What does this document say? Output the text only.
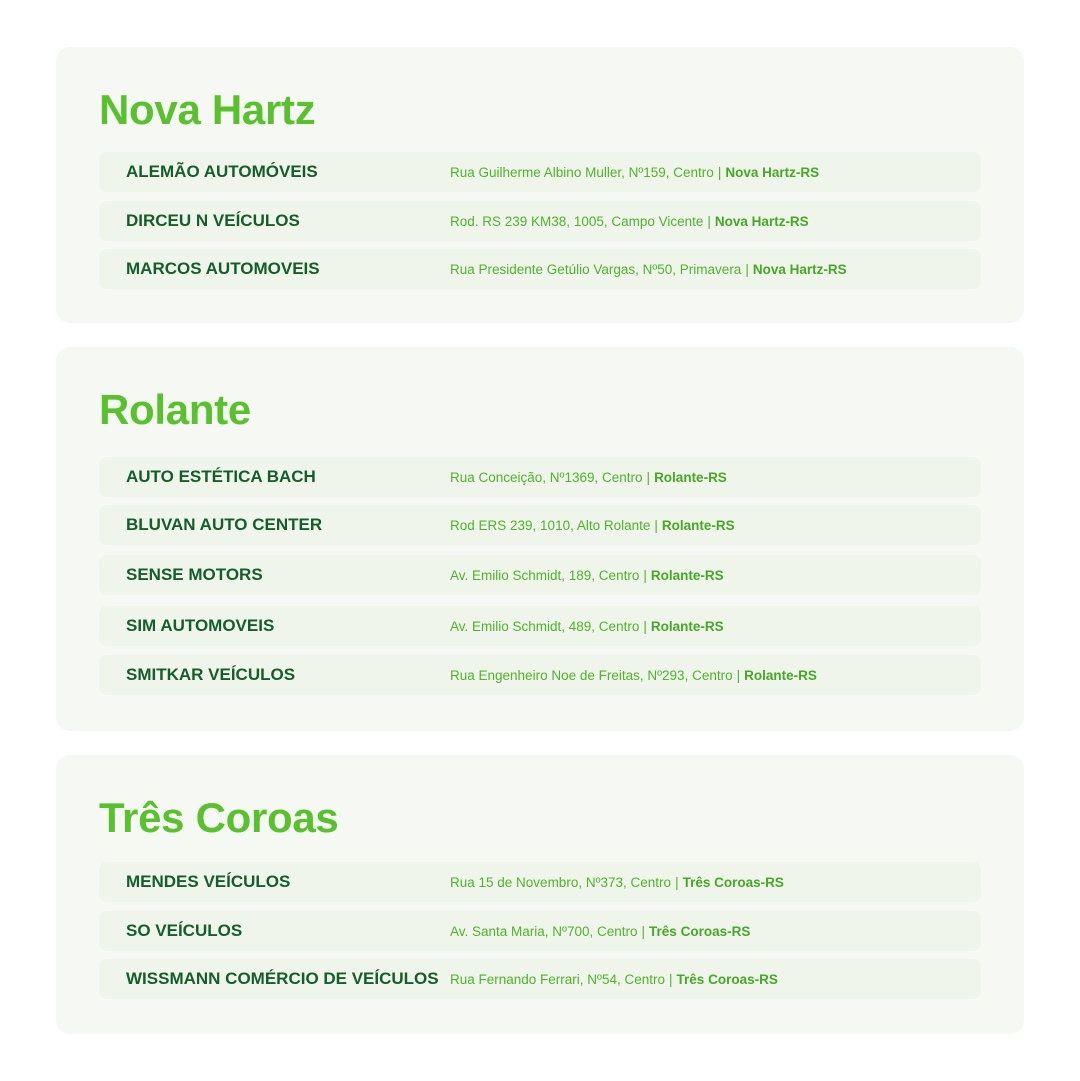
Nova Hartz
ALEMÃO AUTOMÓVEIS	Rua Guilherme Albino Muller, Nº159, Centro | Nova Hartz-RS
DIRCEU N VEÍCULOS	Rod. RS 239 KM38, 1005, Campo Vicente | Nova Hartz-RS
MARCOS AUTOMOVEIS	Rua Presidente Getúlio Vargas, Nº50, Primavera | Nova Hartz-RS
Rolante
AUTO ESTÉTICA BACH	Rua Conceição, Nº1369, Centro | Rolante-RS
BLUVAN AUTO CENTER	Rod ERS 239, 1010, Alto Rolante | Rolante-RS
SENSE MOTORS	Av. Emilio Schmidt, 189, Centro | Rolante-RS
SIM AUTOMOVEIS	Av. Emilio Schmidt, 489, Centro | Rolante-RS
SMITKAR VEÍCULOS	Rua Engenheiro Noe de Freitas, Nº293, Centro | Rolante-RS
Três Coroas
MENDES VEÍCULOS	Rua 15 de Novembro, Nº373, Centro | Três Coroas-RS
SO VEÍCULOS	Av. Santa Maria, Nº700, Centro | Três Coroas-RS
WISSMANN COMÉRCIO DE VEÍCULOS Rua Fernando Ferrari, Nº54, Centro | Três Coroas-RS
